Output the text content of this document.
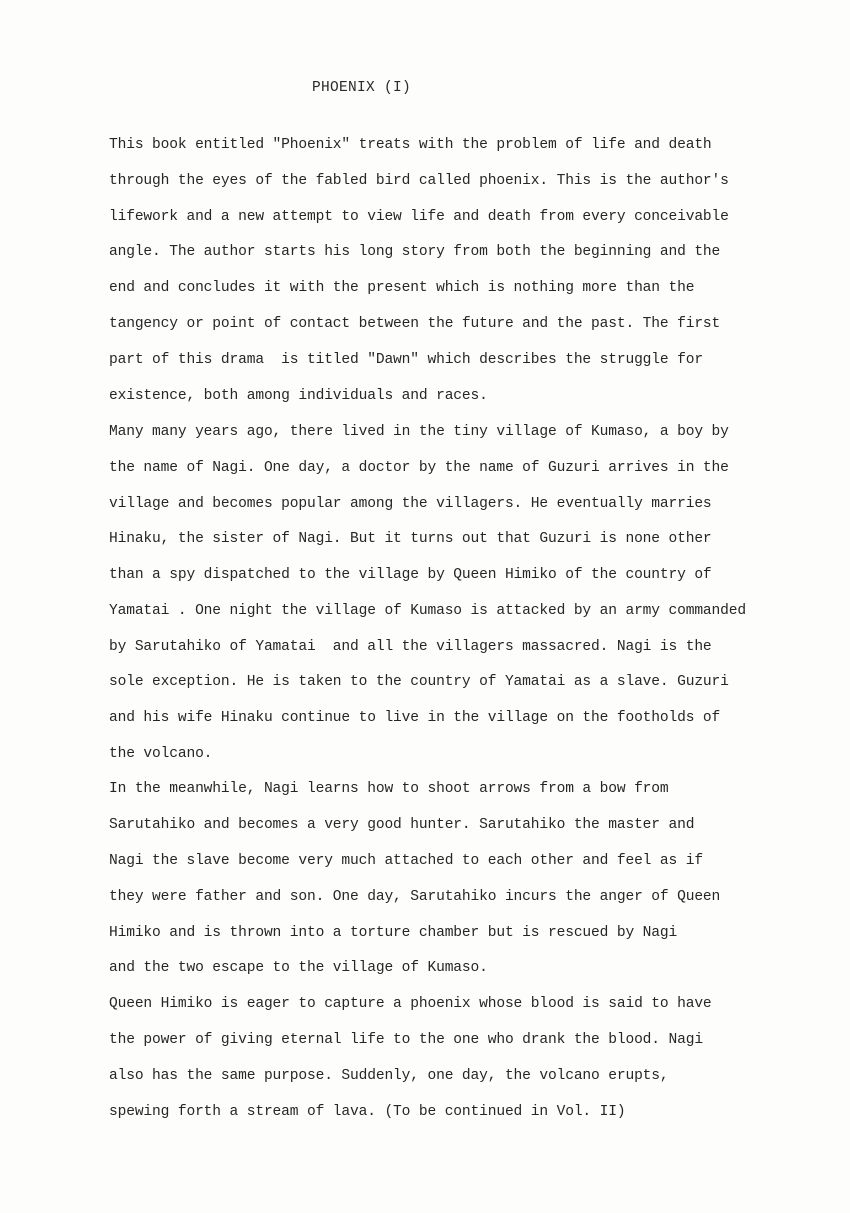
PHOENIX (I)
This book entitled "Phoenix" treats with the problem of life and death
through the eyes of the fabled bird called phoenix. This is the author's
lifework and a new attempt to view life and death from every conceivable
angle. The author starts his long story from both the beginning and the
end and concludes it with the present which is nothing more than the
tangency or point of contact between the future and the past. The first
part of this drama  is titled "Dawn" which describes the struggle for
existence, both among individuals and races.
Many many years ago, there lived in the tiny village of Kumaso, a boy by
the name of Nagi. One day, a doctor by the name of Guzuri arrives in the
village and becomes popular among the villagers. He eventually marries
Hinaku, the sister of Nagi. But it turns out that Guzuri is none other
than a spy dispatched to the village by Queen Himiko of the country of
Yamatai . One night the village of Kumaso is attacked by an army commanded
by Sarutahiko of Yamatai  and all the villagers massacred. Nagi is the
sole exception. He is taken to the country of Yamatai as a slave. Guzuri
and his wife Hinaku continue to live in the village on the footholds of
the volcano.
In the meanwhile, Nagi learns how to shoot arrows from a bow from
Sarutahiko and becomes a very good hunter. Sarutahiko the master and
Nagi the slave become very much attached to each other and feel as if
they were father and son. One day, Sarutahiko incurs the anger of Queen
Himiko and is thrown into a torture chamber but is rescued by Nagi
and the two escape to the village of Kumaso.
Queen Himiko is eager to capture a phoenix whose blood is said to have
the power of giving eternal life to the one who drank the blood. Nagi
also has the same purpose. Suddenly, one day, the volcano erupts,
spewing forth a stream of lava. (To be continued in Vol. II)
